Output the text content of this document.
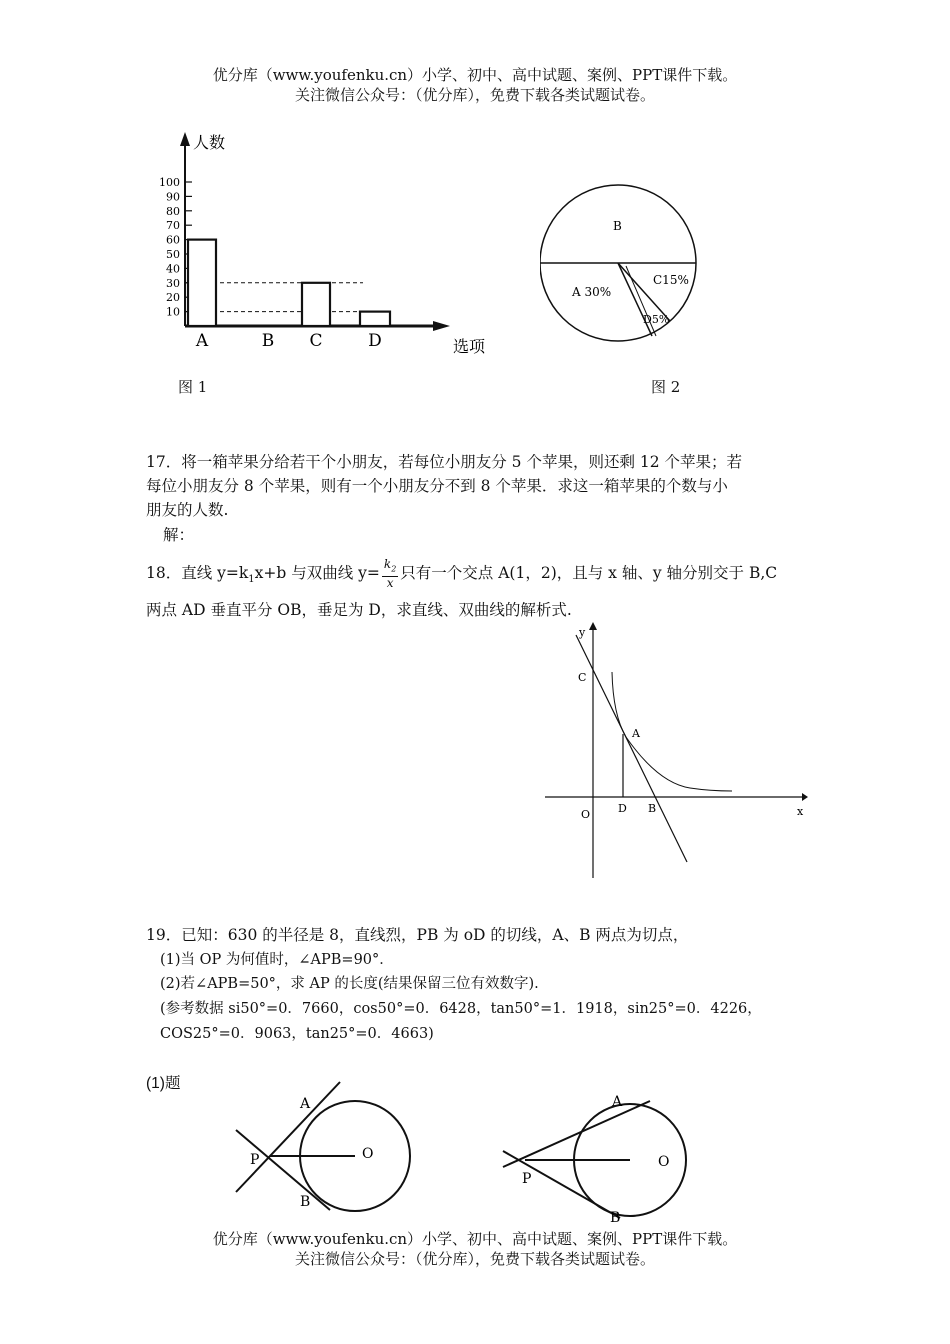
优分库（www.youfenku.cn）小学、初中、高中试题、案例、PPT课件下载。
关注微信公众号：（优分库），免费下载各类试题试卷。
10
20
30
40
50
60
70
80
90
100
A	B C	D
人数
选项
图 1
B
A 30%
C15%
D5%
图 2
17．将一箱苹果分给若干个小朋友，若每位小朋友分 5 个苹果，则还剩 12 个苹果；若
每位小朋友分 8 个苹果，则有一个小朋友分不到 8 个苹果．求这一箱苹果的个数与小
朋友的人数.
解：
18．直线 $y=k_1x+b$ 与双曲线 $y= \frac{k_2}{x}$ 只有一个交点 A(1，2)，且与 x 轴、y 轴分别交于 B,C
两点 AD 垂直平分 OB，垂足为 D，求直线、双曲线的解析式.
y
x
O
C
A
D B
19．已知：630 的半径是 8，直线烈，PB 为 oD 的切线，A、B 两点为切点，
(1)当 OP 为何值时，∠APB=90°．
(2)若∠APB=50°，求 AP 的长度(结果保留三位有效数字).
(参考数据 si50°=0．7660，cos50°=0．6428，tan50°=1．1918，sin25°=0．4226，
COS25°=0．9063，tan25°=0．4663)
(1)题
A
B
P	O
A
B
P
O
优分库（www.youfenku.cn）小学、初中、高中试题、案例、PPT课件下载。
关注微信公众号：（优分库），免费下载各类试题试卷。
